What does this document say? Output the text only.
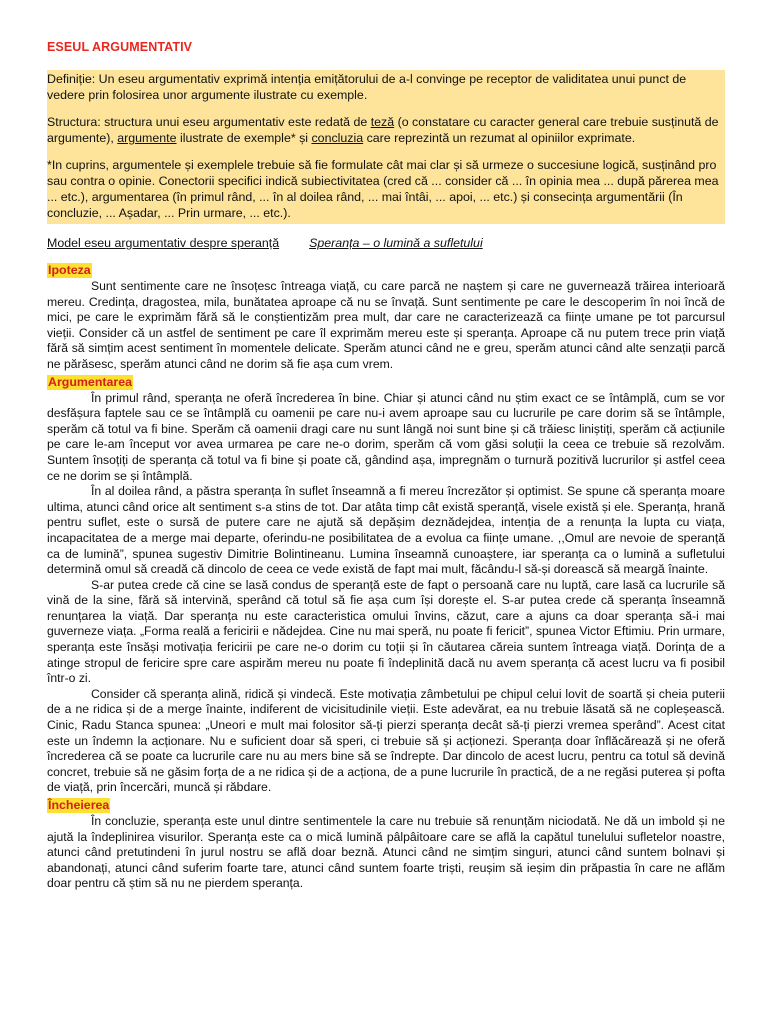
ESEUL ARGUMENTATIV

Definiție: Un eseu argumentativ exprimă intenția emițătorului de a-l convinge pe receptor de validitatea unui punct de vedere prin folosirea unor argumente ilustrate cu exemple.

Structura: structura unui eseu argumentativ este redată de teză (o constatare cu caracter general care trebuie susținută de argumente), argumente ilustrate de exemple* și concluzia care reprezintă un rezumat al opiniilor exprimate.

*In cuprins, argumentele și exemplele trebuie să fie formulate cât mai clar și să urmeze o succesiune logică, susținând pro sau contra o opinie. Conectorii specifici indică subiectivitatea (cred că ... consider că ... în opinia mea ... după părerea mea ... etc.), argumentarea (în primul rând, ... în al doilea rând, ... mai întâi, ... apoi, ... etc.) și consecința argumentării (În concluzie, ... Așadar, ... Prin urmare, ... etc.).

Model eseu argumentativ despre speranță Speranța – o lumină a sufletului

Ipoteza

Sunt sentimente care ne însoțesc întreaga viață, cu care parcă ne naștem și care ne guvernează trăirea interioară mereu. Credința, dragostea, mila, bunătatea aproape că nu se învață. Sunt sentimente pe care le descoperim în noi încă de mici, pe care le exprimăm fără să le conștientizăm prea mult, dar care ne caracterizează ca ființe umane pe tot parcursul vieții. Consider că un astfel de sentiment pe care îl exprimăm mereu este și speranța. Aproape că nu putem trece prin viață fără să simțim acest sentiment în momentele delicate. Sperăm atunci când ne e greu, sperăm atunci când alte senzații parcă ne părăsesc, sperăm atunci când ne dorim să fie așa cum vrem.

Argumentarea

În primul rând, speranța ne oferă încrederea în bine. Chiar și atunci când nu știm exact ce se întâmplă, cum se vor desfășura faptele sau ce se întâmplă cu oamenii pe care nu-i avem aproape sau cu lucrurile pe care dorim să se întâmple, sperăm că totul va fi bine. Sperăm că oamenii dragi care nu sunt lângă noi sunt bine și că trăiesc liniștiți, sperăm că acțiunile pe care le-am început vor avea urmarea pe care ne-o dorim, sperăm că vom găsi soluții la ceea ce trebuie să rezolvăm. Suntem însoțiți de speranța că totul va fi bine și poate că, gândind așa, impregnăm o turnură pozitivă lucrurilor și astfel ceea ce ne dorim se și întâmplă.

În al doilea rând, a păstra speranța în suflet înseamnă a fi mereu încrezător și optimist. Se spune că speranța moare ultima, atunci când orice alt sentiment s-a stins de tot. Dar atâta timp cât există speranță, visele există și ele. Speranța, hrană pentru suflet, este o sursă de putere care ne ajută să depășim deznădejdea, intenția de a renunța la lupta cu viața, incapacitatea de a merge mai departe, oferindu-ne posibilitatea de a evolua ca ființe umane. ,,Omul are nevoie de speranță ca de lumină”, spunea sugestiv Dimitrie Bolintineanu. Lumina înseamnă cunoaștere, iar speranța ca o lumină a sufletului determină omul să creadă că dincolo de ceea ce vede există de fapt mai mult, făcându-l să-și dorească să meargă înainte.

S-ar putea crede că cine se lasă condus de speranță este de fapt o persoană care nu luptă, care lasă ca lucrurile să vină de la sine, fără să intervină, sperând că totul să fie așa cum își dorește el. S-ar putea crede că speranța înseamnă renunțarea la viață. Dar speranța nu este caracteristica omului învins, căzut, care a ajuns ca doar speranța să-i mai guverneze viața. „Forma reală a fericirii e nădejdea. Cine nu mai speră, nu poate fi fericit”, spunea Victor Eftimiu. Prin urmare, speranța este însăși motivația fericirii pe care ne-o dorim cu toții și în căutarea căreia suntem întreaga viață. Dorința de a atinge stropul de fericire spre care aspirăm mereu nu poate fi îndeplinită dacă nu avem speranța că acest lucru va fi posibil într-o zi.

Consider că speranța alină, ridică și vindecă. Este motivația zâmbetului pe chipul celui lovit de soartă și cheia puterii de a ne ridica și de a merge înainte, indiferent de vicisitudinile vieții. Este adevărat, ea nu trebuie lăsată să ne copleșească. Cinic, Radu Stanca spunea: „Uneori e mult mai folositor să-ți pierzi speranța decât să-ți pierzi vremea sperând”. Acest citat este un îndemn la acționare. Nu e suficient doar să speri, ci trebuie să și acționezi. Speranța doar înflăcărează și ne oferă încrederea că se poate ca lucrurile care nu au mers bine să se îndrepte. Dar dincolo de acest lucru, pentru ca totul să devină concret, trebuie să ne găsim forța de a ne ridica și de a acționa, de a pune lucrurile în practică, de a ne regăsi puterea și pofta de viață, prin încercări, muncă și răbdare.

Încheierea

În concluzie, speranța este unul dintre sentimentele la care nu trebuie să renunțăm niciodată. Ne dă un imbold și ne ajută la îndeplinirea visurilor. Speranța este ca o mică lumină pâlpâitoare care se află la capătul tunelului sufletelor noastre, atunci când pretutindeni în jurul nostru se află doar beznă. Atunci când ne simțim singuri, atunci când suntem bolnavi și abandonați, atunci când suferim foarte tare, atunci când suntem foarte triști, reușim să ieșim din prăpastia în care ne aflăm doar pentru că știm să nu ne pierdem speranța.
